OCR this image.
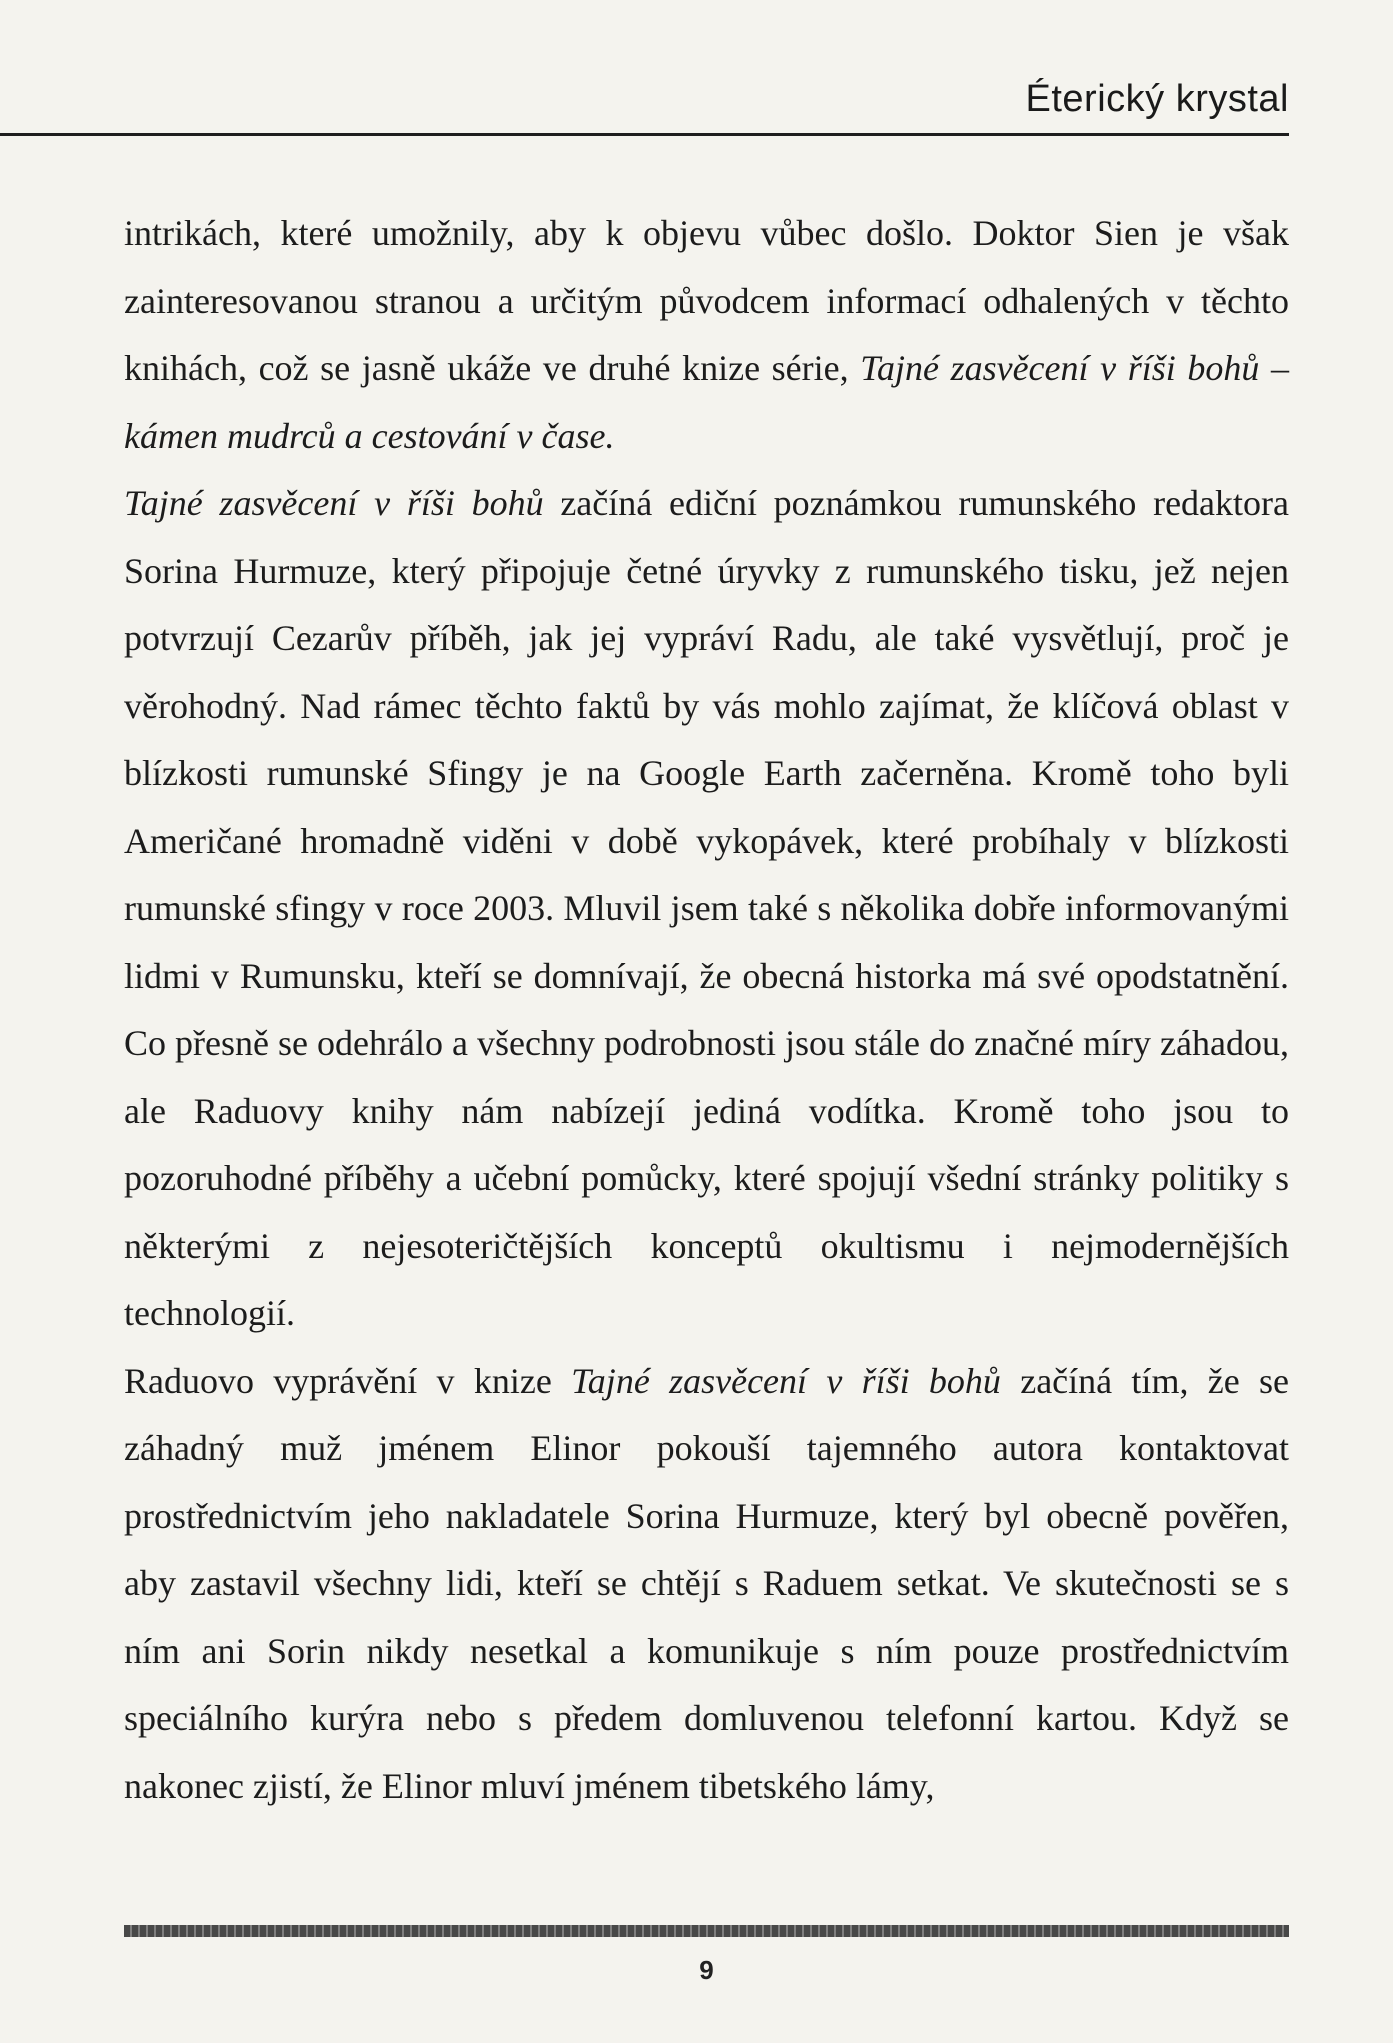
Éterický krystal

intrikách, které umožnily, aby k objevu vůbec došlo. Doktor Sien je však zainteresovanou stranou a určitým původcem informací odhalených v těchto knihách, což se jasně ukáže ve druhé knize série, Tajné zasvěcení v říši bohů – kámen mudrců a cestování v čase.

Tajné zasvěcení v říši bohů začíná ediční poznámkou rumunského redaktora Sorina Hurmuze, který připojuje četné úryvky z rumunského tisku, jež nejen potvrzují Cezarův příběh, jak jej vypráví Radu, ale také vysvětlují, proč je věrohodný. Nad rámec těchto faktů by vás mohlo zajímat, že klíčová oblast v blízkosti rumunské Sfingy je na Google Earth začerněna. Kromě toho byli Američané hromadně viděni v době vykopávek, které probíhaly v blízkosti rumunské sfingy v roce 2003. Mluvil jsem také s několika dobře informovanými lidmi v Rumunsku, kteří se domnívají, že obecná historka má své opodstatnění. Co přesně se odehrálo a všechny podrobnosti jsou stále do značné míry záhadou, ale Raduovy knihy nám nabízejí jediná vodítka. Kromě toho jsou to pozoruhodné příběhy a učební pomůcky, které spojují všední stránky politiky s některými z nejesoteričtějších konceptů okultismu i nejmodernějších technologií.

Raduovo vyprávění v knize Tajné zasvěcení v říši bohů začíná tím, že se záhadný muž jménem Elinor pokouší tajemného autora kontaktovat prostřednictvím jeho nakladatele Sorina Hurmuze, který byl obecně pověřen, aby zastavil všechny lidi, kteří se chtějí s Raduem setkat. Ve skutečnosti se s ním ani Sorin nikdy nesetkal a komunikuje s ním pouze prostřednictvím speciálního kurýra nebo s předem domluvenou telefonní kartou. Když se nakonec zjistí, že Elinor mluví jménem tibetského lámy,

9
